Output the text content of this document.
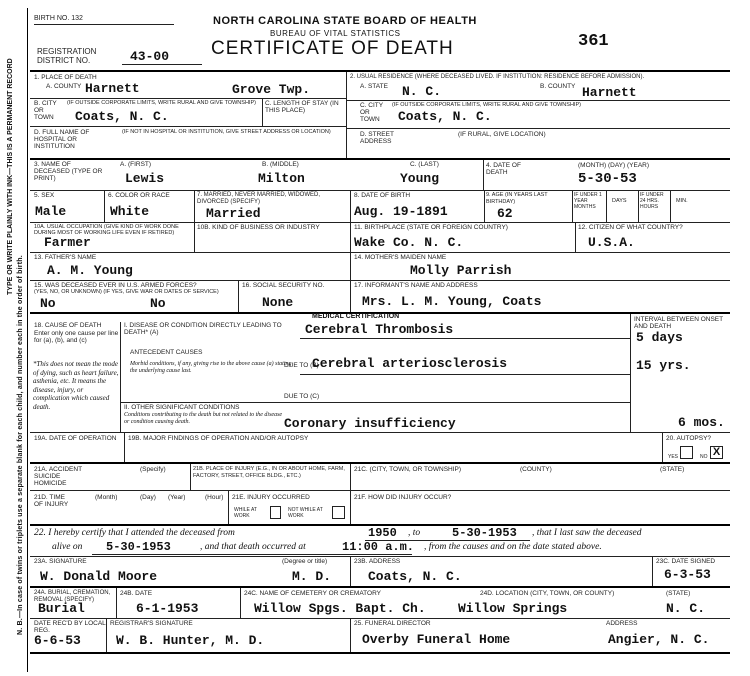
N. B.—In case of twins or triplets use a separate blank for each child, and number each in the order of birth.
TYPE OR WRITE PLAINLY WITH INK—THIS IS A PERMANENT RECORD
BIRTH NO. 132	NORTH CAROLINA STATE BOARD OF HEALTH
BUREAU OF VITAL STATISTICS
CERTIFICATE OF DEATH	361
REGISTRATION DISTRICT NO.	43-00
1. PLACE OF DEATH
A. COUNTY Harnett	Grove Twp.
B. CITY OR TOWN
(IF OUTSIDE CORPORATE LIMITS, WRITE RURAL AND GIVE TOWNSHIP)
Coats, N. C.
C. LENGTH OF STAY (IN THIS PLACE)
D. FULL NAME OF HOSPITAL OR INSTITUTION
(IF NOT IN HOSPITAL OR INSTITUTION, GIVE STREET ADDRESS OR LOCATION)
2. USUAL RESIDENCE (WHERE DECEASED LIVED. IF INSTITUTION: RESIDENCE BEFORE ADMISSION).
A. STATE N. C.	B. COUNTY Harnett
C. CITY OR TOWN
(IF OUTSIDE CORPORATE LIMITS, WRITE RURAL AND GIVE TOWNSHIP)
Coats, N. C.
D. STREET ADDRESS
(IF RURAL, GIVE LOCATION)
3. NAME OF DECEASED (TYPE OR PRINT)
A. (FIRST)
Lewis
B. (MIDDLE)
Milton
C. (LAST)
Young
4. DATE OF DEATH
(MONTH) (DAY) (YEAR)
5-30-53
5. SEX
Male
6. COLOR OR RACE
White
7. MARRIED, NEVER MARRIED, WIDOWED, DIVORCED (SPECIFY)
Married
8. DATE OF BIRTH
Aug. 19-1891
9. AGE (IN YEARS LAST BIRTHDAY)
62
IF UNDER 1 YEAR MONTHS
DAYS
IF UNDER 24 HRS. HOURS
MIN.
10A. USUAL OCCUPATION (GIVE KIND OF WORK DONE DURING MOST OF WORKING LIFE EVEN IF RETIRED)
Farmer
10B. KIND OF BUSINESS OR INDUSTRY	11. BIRTHPLACE (STATE OR FOREIGN COUNTRY)
Wake Co. N. C.
12. CITIZEN OF WHAT COUNTRY?
U.S.A.
13. FATHER'S NAME
A. M. Young
14. MOTHER'S MAIDEN NAME
Molly Parrish
15. WAS DECEASED EVER IN U.S. ARMED FORCES?
(YES, NO, OR UNKNOWN) (IF YES, GIVE WAR OR DATES OF SERVICE)
No	No
16. SOCIAL SECURITY NO.
None
17. INFORMANT'S NAME AND ADDRESS
Mrs. L. M. Young, Coats
MEDICAL CERTIFICATION
18. CAUSE OF DEATH
Enter only one cause per line for (a), (b), and (c)
I. DISEASE OR CONDITION DIRECTLY LEADING TO DEATH* (A)	Cerebral Thrombosis
INTERVAL BETWEEN ONSET AND DEATH
5 days
*This does not mean the mode of dying, such as heart failure, asthenia, etc. It means the disease, injury, or complication which caused death.
ANTECEDENT CAUSES
Morbid conditions, if any, giving rise to the above cause (a) stating the underlying cause last.
DUE TO (B)
Cerebral arteriosclerosis	15 yrs.
DUE TO (C)
II. OTHER SIGNIFICANT CONDITIONS
Conditions contributing to the death but not related to the disease or condition causing death.	Coronary insufficiency	6 mos.
19A. DATE OF OPERATION	19B. MAJOR FINDINGS OF OPERATION AND/OR AUTOPSY	20. AUTOPSY?
YES	NO X
21A. ACCIDENT SUICIDE HOMICIDE
(Specify)	21B. PLACE OF INJURY (E.G., IN OR ABOUT HOME, FARM, FACTORY, STREET, OFFICE BLDG., ETC.)
21C. (CITY, TOWN, OR TOWNSHIP)	(COUNTY)	(STATE)
21D. TIME OF INJURY
(Month)	(Day) (Year)	(Hour) 21E. INJURY OCCURRED
WHILE AT WORK
NOT WHILE AT WORK
21F. HOW DID INJURY OCCUR?
22. I hereby certify that I attended the deceased from	1950 , to	5-30-1953 , that I last saw the deceased
alive on 5-30-1953	, and that death occurred at	11:00 a.m. , from the causes and on the date stated above.
23A. SIGNATURE
W. Donald Moore
(Degree or title)
M. D.
23B. ADDRESS
Coats, N. C.
23C. DATE SIGNED
6-3-53
24A. BURIAL, CREMATION, REMOVAL (SPECIFY)
Burial
24B. DATE
6-1-1953
24C. NAME OF CEMETERY OR CREMATORY
Willow Spgs. Bapt. Ch.
24D. LOCATION (CITY, TOWN, OR COUNTY)
Willow Springs
(STATE)
N. C.
DATE REC'D BY LOCAL REG.
6-6-53
REGISTRAR'S SIGNATURE
W. B. Hunter, M. D.
25. FUNERAL DIRECTOR
Overby Funeral Home
ADDRESS
Angier, N. C.
